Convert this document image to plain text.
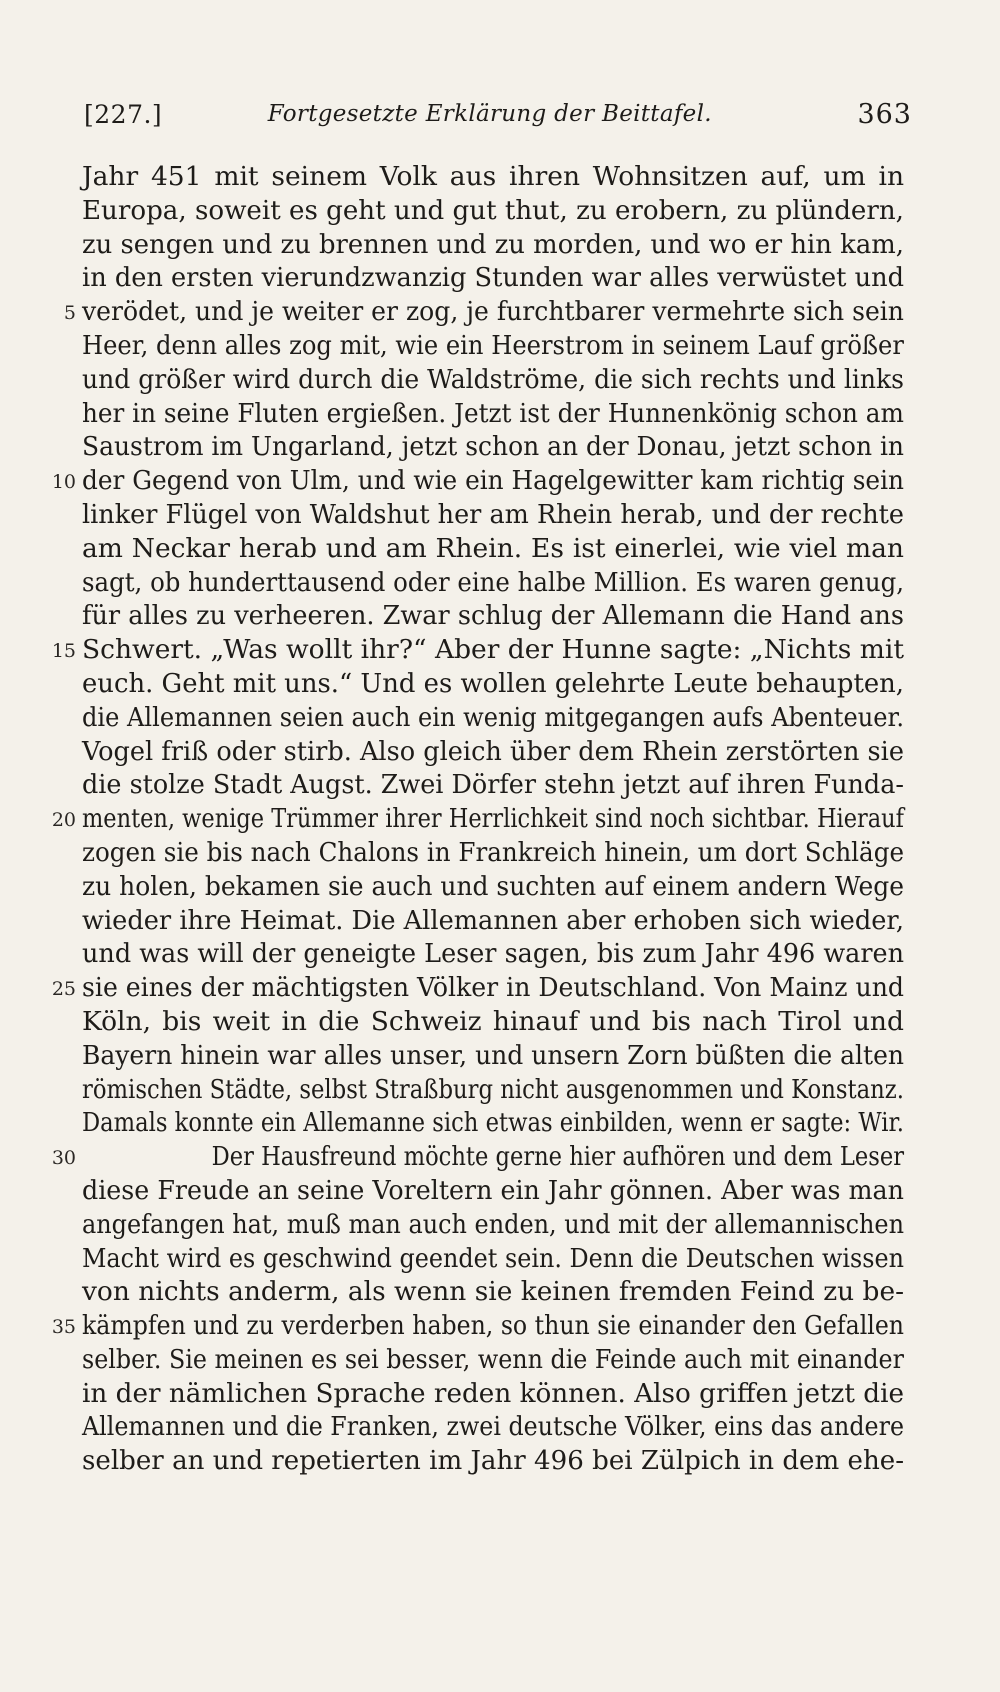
[227.]	Fortgesetzte Erklärung der Beittafel.	363
Jahr 451 mit seinem Volk aus ihren Wohnsitzen auf, um in
Europa, soweit es geht und gut thut, zu erobern, zu plündern,
zu sengen und zu brennen und zu morden, und wo er hin kam,
in den ersten vierundzwanzig Stunden war alles verwüstet und
5 verödet, und je weiter er zog, je furchtbarer vermehrte sich sein
Heer, denn alles zog mit, wie ein Heerstrom in seinem Lauf größer
und größer wird durch die Waldströme, die sich rechts und links
her in seine Fluten ergießen. Jetzt ist der Hunnenkönig schon am
Saustrom im Ungarland, jetzt schon an der Donau, jetzt schon in
10 der Gegend von Ulm, und wie ein Hagelgewitter kam richtig sein
linker Flügel von Waldshut her am Rhein herab, und der rechte
am Neckar herab und am Rhein. Es ist einerlei, wie viel man
sagt, ob hunderttausend oder eine halbe Million. Es waren genug,
für alles zu verheeren. Zwar schlug der Allemann die Hand ans
15 Schwert. „Was wollt ihr?“ Aber der Hunne sagte: „Nichts mit
euch. Geht mit uns.“ Und es wollen gelehrte Leute behaupten,
die Allemannen seien auch ein wenig mitgegangen aufs Abenteuer.
Vogel friß oder stirb. Also gleich über dem Rhein zerstörten sie
die stolze Stadt Augst. Zwei Dörfer stehn jetzt auf ihren Funda-
20 menten, wenige Trümmer ihrer Herrlichkeit sind noch sichtbar. Hierauf
zogen sie bis nach Chalons in Frankreich hinein, um dort Schläge
zu holen, bekamen sie auch und suchten auf einem andern Wege
wieder ihre Heimat. Die Allemannen aber erhoben sich wieder,
und was will der geneigte Leser sagen, bis zum Jahr 496 waren
25 sie eines der mächtigsten Völker in Deutschland. Von Mainz und
Köln, bis weit in die Schweiz hinauf und bis nach Tirol und
Bayern hinein war alles unser, und unsern Zorn büßten die alten
römischen Städte, selbst Straßburg nicht ausgenommen und Konstanz.
Damals konnte ein Allemanne sich etwas einbilden, wenn er sagte: Wir.
30	Der Hausfreund möchte gerne hier aufhören und dem Leser
diese Freude an seine Voreltern ein Jahr gönnen. Aber was man
angefangen hat, muß man auch enden, und mit der allemannischen
Macht wird es geschwind geendet sein. Denn die Deutschen wissen
von nichts anderm, als wenn sie keinen fremden Feind zu be-
35 kämpfen und zu verderben haben, so thun sie einander den Gefallen
selber. Sie meinen es sei besser, wenn die Feinde auch mit einander
in der nämlichen Sprache reden können. Also griffen jetzt die
Allemannen und die Franken, zwei deutsche Völker, eins das andere
selber an und repetierten im Jahr 496 bei Zülpich in dem ehe-
